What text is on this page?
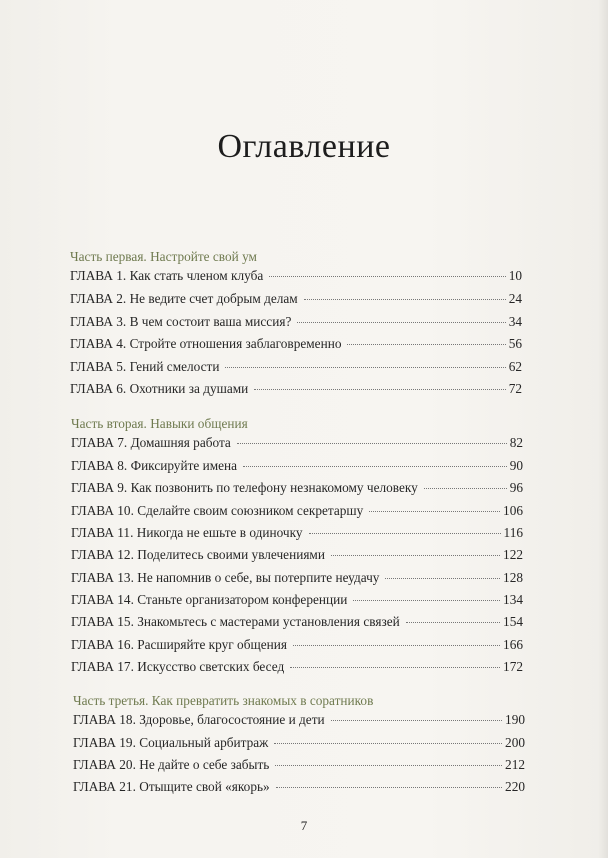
Оглавление
Часть первая. Настройте свой ум
ГЛАВА 1. Как стать членом клуба	10
ГЛАВА 2. Не ведите счет добрым делам	24
ГЛАВА 3. В чем состоит ваша миссия?	34
ГЛАВА 4. Стройте отношения заблаговременно	56
ГЛАВА 5. Гений смелости	62
ГЛАВА 6. Охотники за душами	72
Часть вторая. Навыки общения
ГЛАВА 7. Домашняя работа	82
ГЛАВА 8. Фиксируйте имена	90
ГЛАВА 9. Как позвонить по телефону незнакомому человеку	96
ГЛАВА 10. Сделайте своим союзником секретаршу	106
ГЛАВА 11. Никогда не ешьте в одиночку	116
ГЛАВА 12. Поделитесь своими увлечениями	122
ГЛАВА 13. Не напомнив о себе, вы потерпите неудачу	128
ГЛАВА 14. Станьте организатором конференции	134
ГЛАВА 15. Знакомьтесь с мастерами установления связей	154
ГЛАВА 16. Расширяйте круг общения	166
ГЛАВА 17. Искусство светских бесед	172
Часть третья. Как превратить знакомых в соратников
ГЛАВА 18. Здоровье, благосостояние и дети	190
ГЛАВА 19. Социальный арбитраж	200
ГЛАВА 20. Не дайте о себе забыть	212
ГЛАВА 21. Отыщите свой «якорь»	220
7
